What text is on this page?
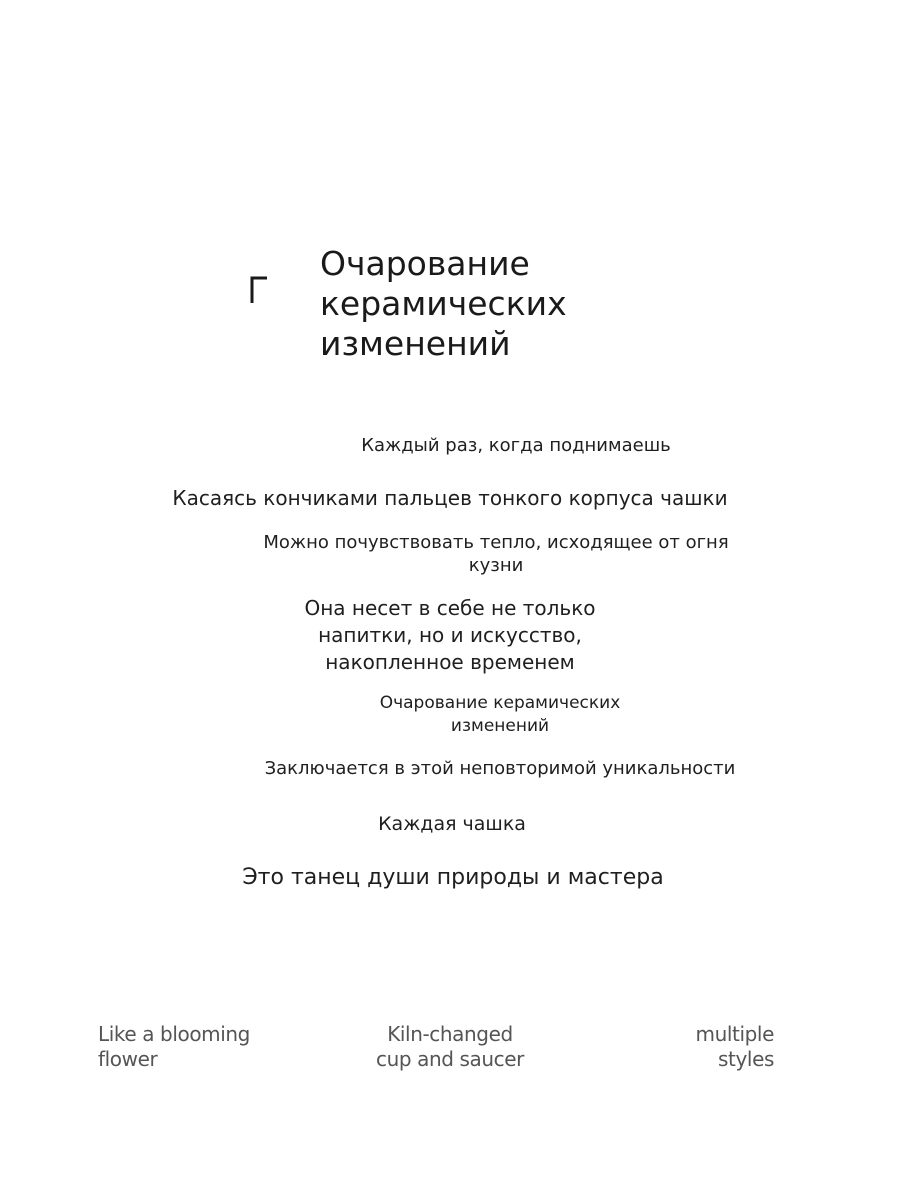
Очарование
керамических
изменений
Каждый раз, когда поднимаешь
Касаясь кончиками пальцев тонкого корпуса чашки
Можно почувствовать тепло, исходящее от огня
кузни
Она несет в себе не только
напитки, но и искусство,
накопленное временем
Очарование керамических
изменений
Заключается в этой неповторимой уникальности
Каждая чашка
Это танец души природы и мастера
Like a blooming
flower
Kiln-changed
cup and saucer
multiple
styles
